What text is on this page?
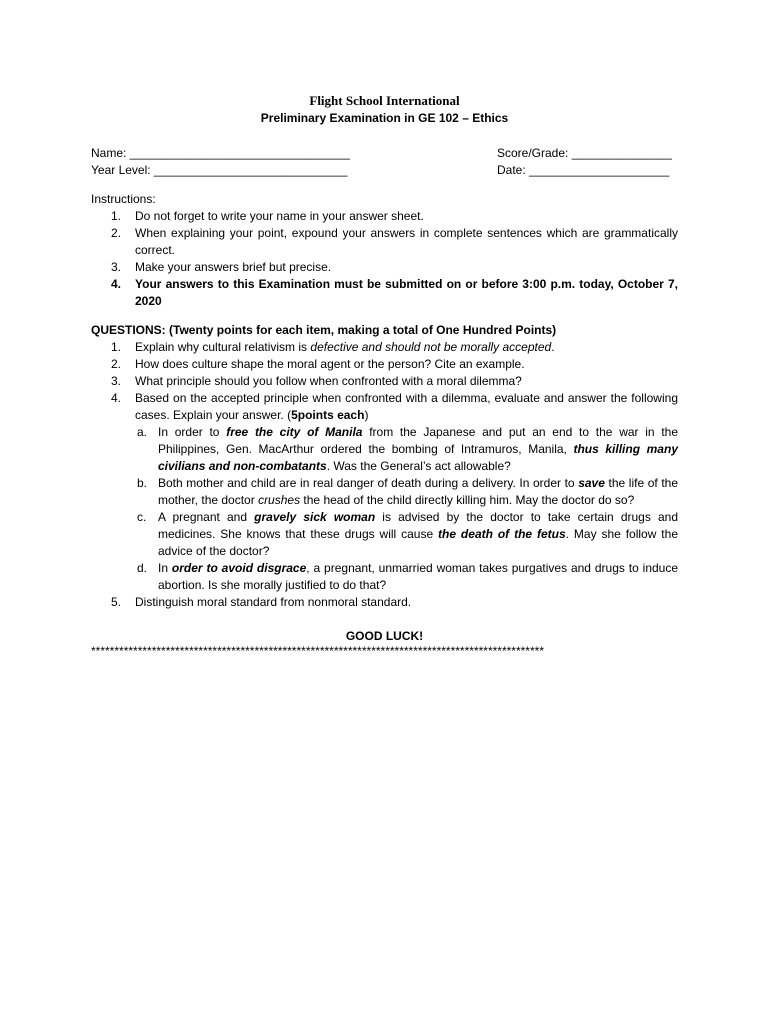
Flight School International
Preliminary Examination in GE 102 – Ethics
Name: _________________________________	Score/Grade: _______________
Year Level: _____________________________	Date: _____________________
Instructions:
1. Do not forget to write your name in your answer sheet.
2. When explaining your point, expound your answers in complete sentences which are grammatically correct.
3. Make your answers brief but precise.
4. Your answers to this Examination must be submitted on or before 3:00 p.m. today, October 7, 2020
QUESTIONS: (Twenty points for each item, making a total of One Hundred Points)
1. Explain why cultural relativism is defective and should not be morally accepted.
2. How does culture shape the moral agent or the person? Cite an example.
3. What principle should you follow when confronted with a moral dilemma?
4. Based on the accepted principle when confronted with a dilemma, evaluate and answer the following cases. Explain your answer. (5points each)
a. In order to free the city of Manila from the Japanese and put an end to the war in the Philippines, Gen. MacArthur ordered the bombing of Intramuros, Manila, thus killing many civilians and non-combatants. Was the General’s act allowable?
b. Both mother and child are in real danger of death during a delivery. In order to save the life of the mother, the doctor crushes the head of the child directly killing him. May the doctor do so?
c. A pregnant and gravely sick woman is advised by the doctor to take certain drugs and medicines. She knows that these drugs will cause the death of the fetus. May she follow the advice of the doctor?
d. In order to avoid disgrace, a pregnant, unmarried woman takes purgatives and drugs to induce abortion. Is she morally justified to do that?
5. Distinguish moral standard from nonmoral standard.
GOOD LUCK!
*************************************************************************************************
